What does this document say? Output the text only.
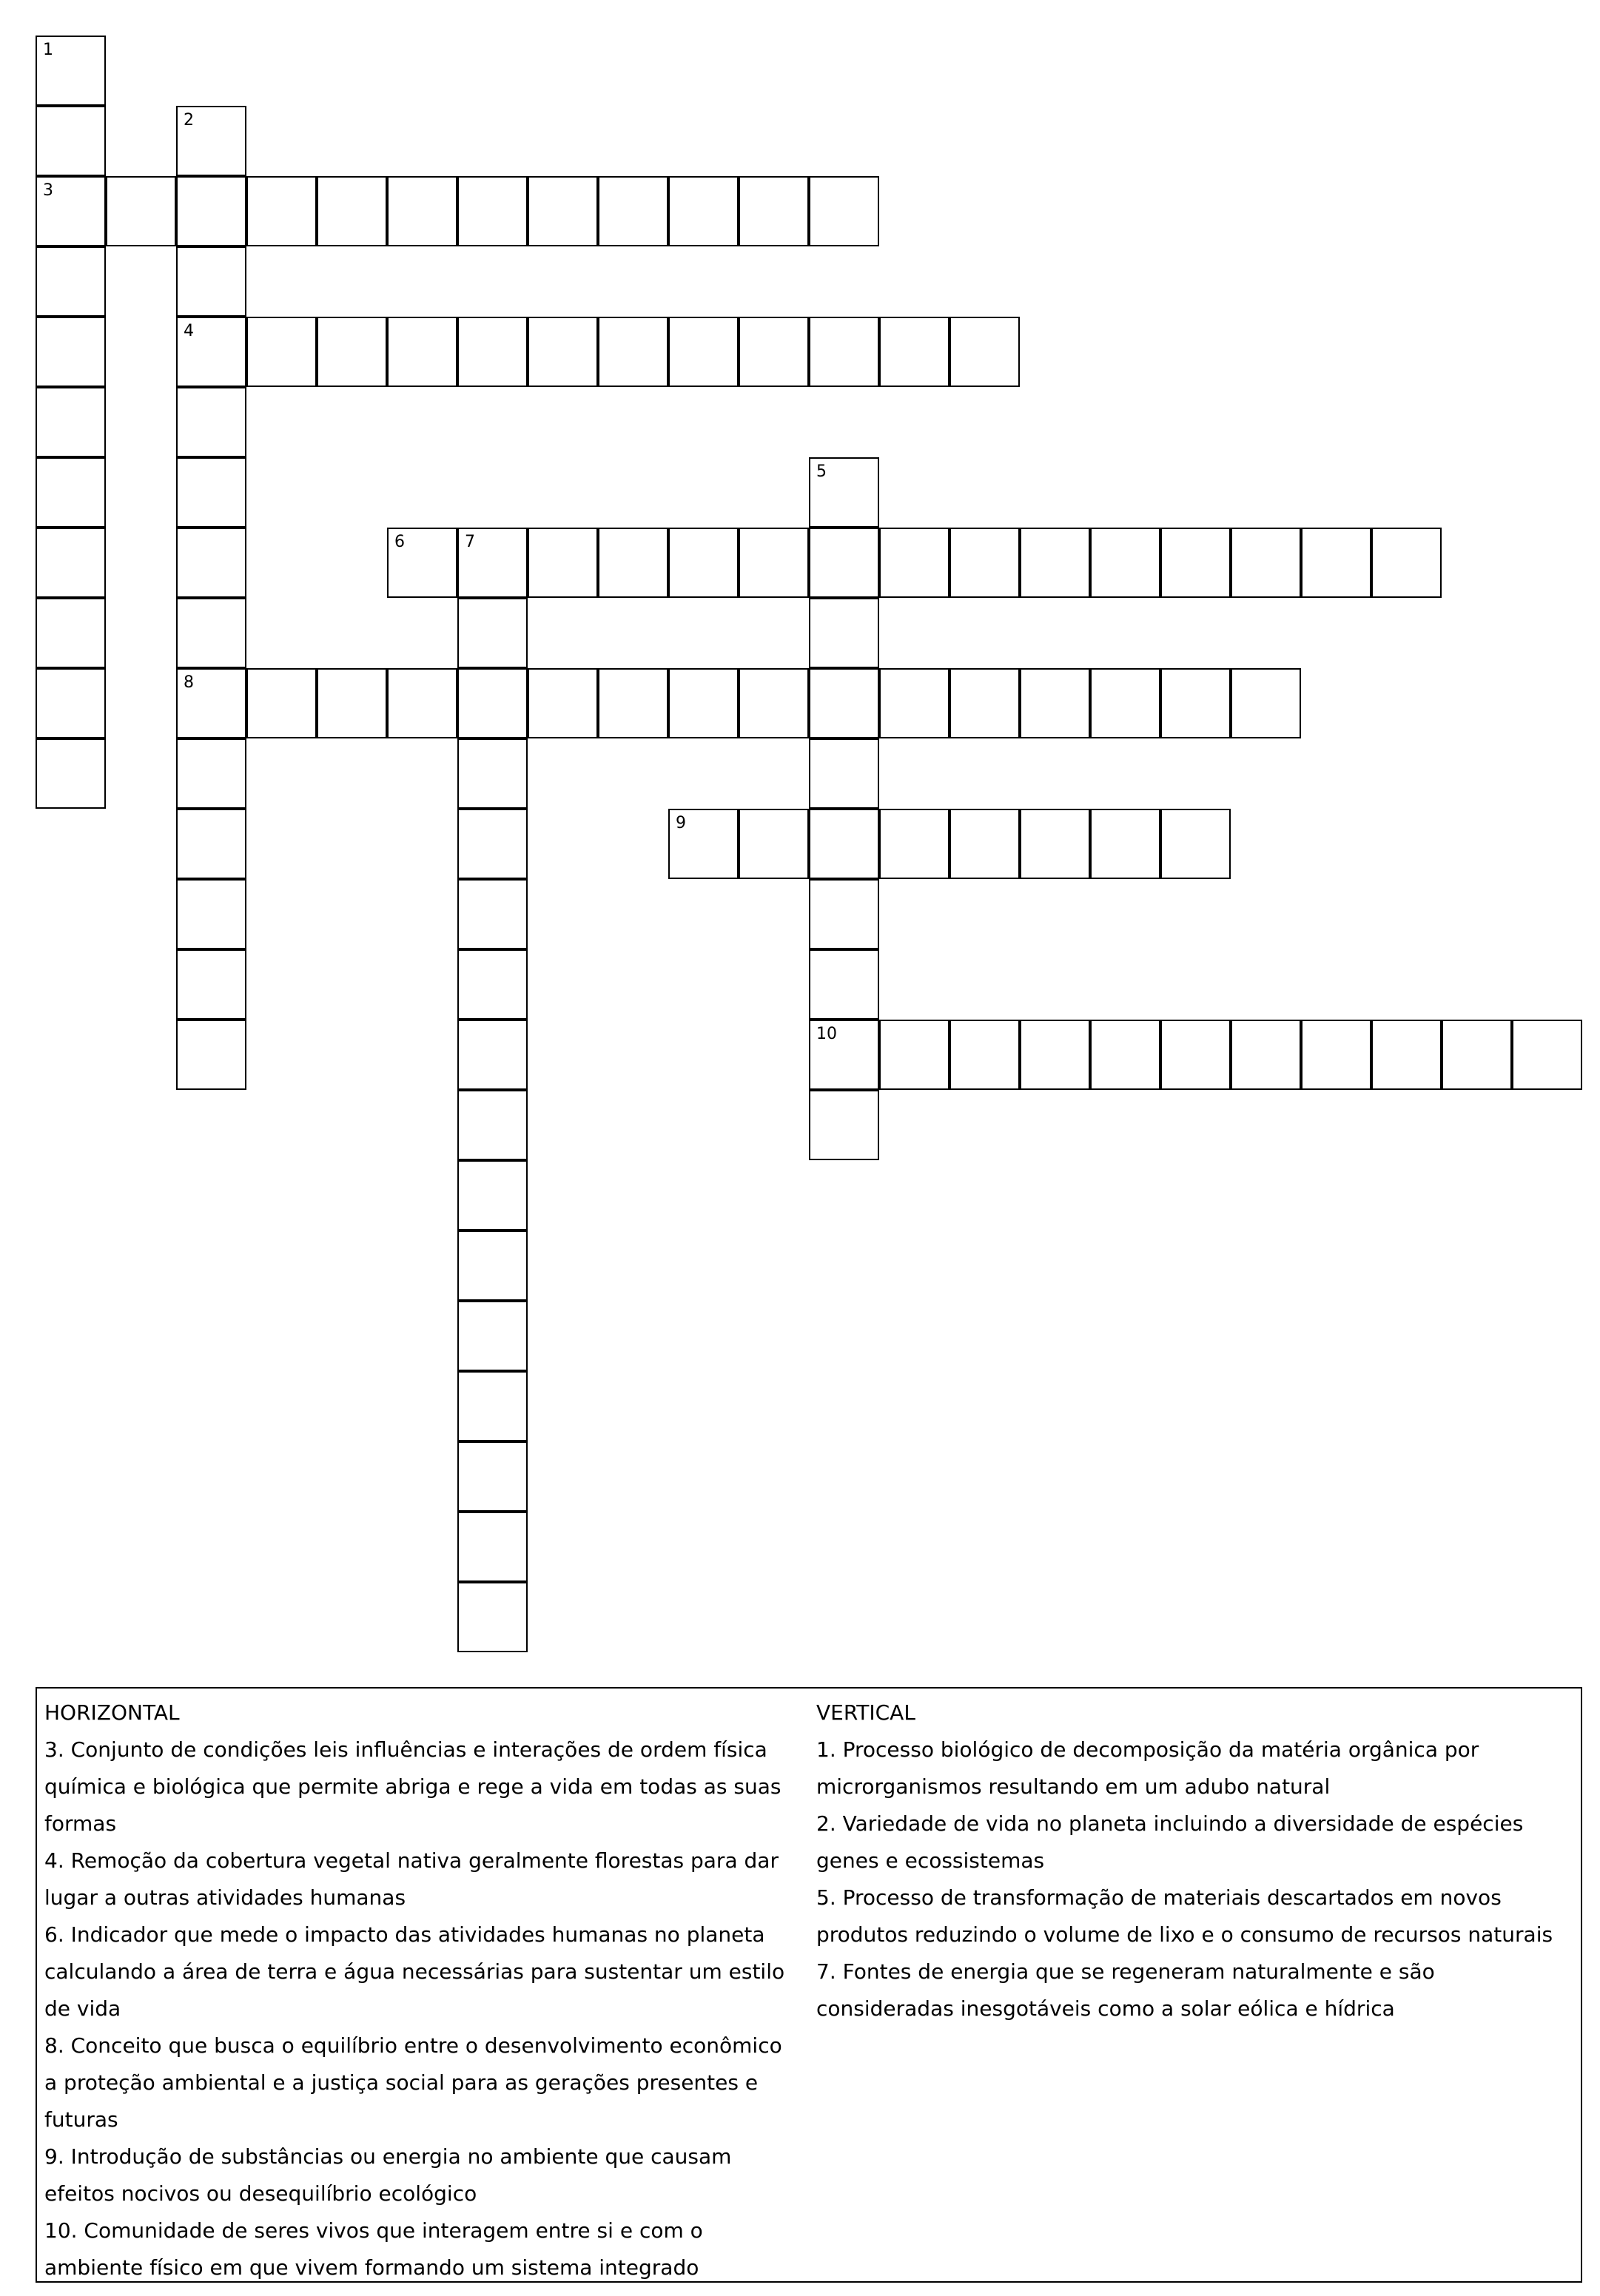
1
3
2
4
8
5
10
6	7
9
HORIZONTAL
3. Conjunto de condições leis influências e interações de ordem física química e biológica que permite abriga e rege a vida em todas as suas formas
4. Remoção da cobertura vegetal nativa geralmente florestas para dar lugar a outras atividades humanas
6. Indicador que mede o impacto das atividades humanas no planeta calculando a área de terra e água necessárias para sustentar um estilo de vida
8. Conceito que busca o equilíbrio entre o desenvolvimento econômico a proteção ambiental e a justiça social para as gerações presentes e futuras
9. Introdução de substâncias ou energia no ambiente que causam efeitos nocivos ou desequilíbrio ecológico
10. Comunidade de seres vivos que interagem entre si e com o ambiente físico em que vivem formando um sistema integrado
VERTICAL
1. Processo biológico de decomposição da matéria orgânica por microrganismos resultando em um adubo natural
2. Variedade de vida no planeta incluindo a diversidade de espécies genes e ecossistemas
5. Processo de transformação de materiais descartados em novos produtos reduzindo o volume de lixo e o consumo de recursos naturais
7. Fontes de energia que se regeneram naturalmente e são consideradas inesgotáveis como a solar eólica e hídrica
